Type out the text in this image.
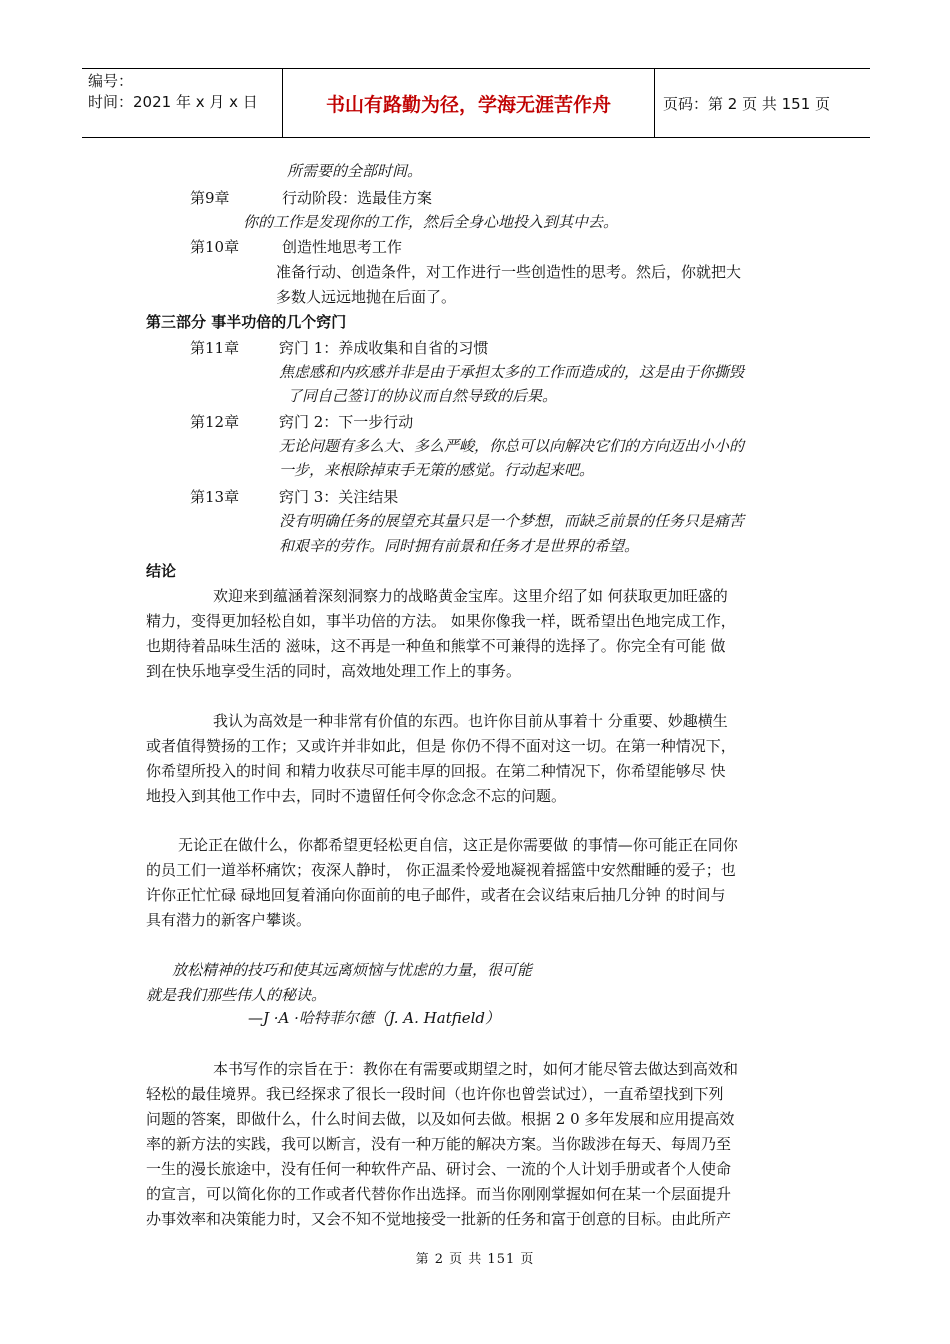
编号：
时间：2021 年 x 月 x 日	书山有路勤为径，学海无涯苦作舟	页码：第 2 页 共 151 页
所需要的全部时间。
第9章	行动阶段：选最佳方案
你的工作是发现你的工作，然后全身心地投入到其中去。
第10章	创造性地思考工作
准备行动、创造条件，对工作进行一些创造性的思考。然后，你就把大
多数人远远地抛在后面了。
第三部分 事半功倍的几个窍门
第11章	窍门 1：养成收集和自省的习惯
焦虑感和内疚感并非是由于承担太多的工作而造成的，这是由于你撕毁
了同自己签订的协议而自然导致的后果。
第12章	窍门 2：下一步行动
无论问题有多么大、多么严峻，你总可以向解决它们的方向迈出小小的
一步，来根除掉束手无策的感觉。行动起来吧。
第13章	窍门 3：关注结果
没有明确任务的展望充其量只是一个梦想，而缺乏前景的任务只是痛苦
和艰辛的劳作。同时拥有前景和任务才是世界的希望。
结论
欢迎来到蕴涵着深刻洞察力的战略黄金宝库。这里介绍了如 何获取更加旺盛的
精力，变得更加轻松自如，事半功倍的方法。 如果你像我一样，既希望出色地完成工作，
也期待着品味生活的 滋味，这不再是一种鱼和熊掌不可兼得的选择了。你完全有可能 做
到在快乐地享受生活的同时，高效地处理工作上的事务。
我认为高效是一种非常有价值的东西。也许你目前从事着十 分重要、妙趣横生
或者值得赞扬的工作；又或许并非如此，但是 你仍不得不面对这一切。在第一种情况下，
你希望所投入的时间 和精力收获尽可能丰厚的回报。在第二种情况下，你希望能够尽 快
地投入到其他工作中去，同时不遗留任何令你念念不忘的问题。
无论正在做什么，你都希望更轻松更自信，这正是你需要做 的事情—你可能正在同你
的员工们一道举杯痛饮；夜深人静时， 你正温柔怜爱地凝视着摇篮中安然酣睡的爱子；也
许你正忙忙碌 碌地回复着涌向你面前的电子邮件，或者在会议结束后抽几分钟 的时间与
具有潜力的新客户攀谈。
放松精神的技巧和使其远离烦恼与忧虑的力量，很可能
就是我们那些伟人的秘诀。
—J ·A ·哈特菲尔德（J. A. Hatfield）
本书写作的宗旨在于：教你在有需要或期望之时，如何才能尽管去做达到高效和
轻松的最佳境界。我已经探求了很长一段时间（也许你也曾尝试过），一直希望找到下列
问题的答案，即做什么，什么时间去做，以及如何去做。根据 2 0 多年发展和应用提高效
率的新方法的实践，我可以断言，没有一种万能的解决方案。当你跋涉在每天、每周乃至
一生的漫长旅途中，没有任何一种软件产品、研讨会、一流的个人计划手册或者个人使命
的宣言，可以简化你的工作或者代替你作出选择。而当你刚刚掌握如何在某一个层面提升
办事效率和决策能力时，又会不知不觉地接受一批新的任务和富于创意的目标。由此所产
第 2 页 共 151 页
